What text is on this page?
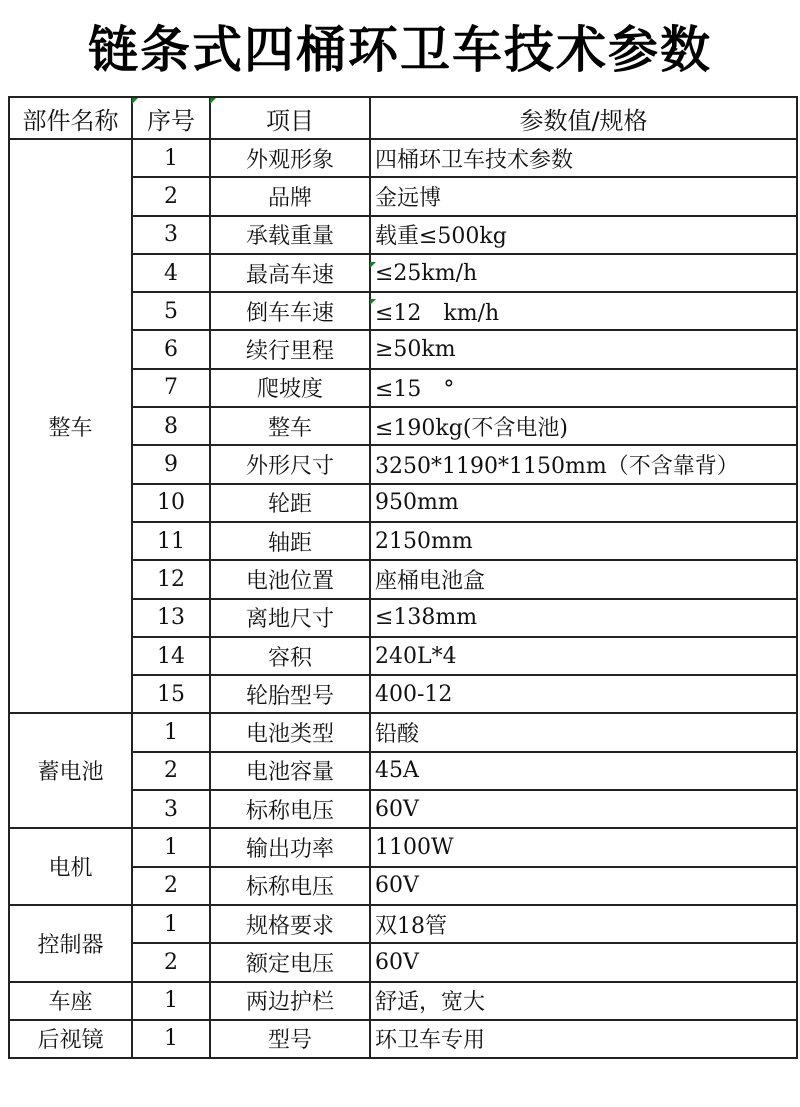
链条式四桶环卫车技术参数
部件名称	序号	项目	参数值/规格
整车	1	外观形象	四桶环卫车技术参数
	2	品牌	金远博
	3	承载重量	载重≤500kg
	4	最高车速	≤25km/h
	5	倒车车速	≤12　km/h
	6	续行里程	≥50km
	7	爬坡度	≤15　°
	8	整车	≤190kg(不含电池)
	9	外形尺寸	3250*1190*1150mm（不含靠背）
	10	轮距	950mm
	11	轴距	2150mm
	12	电池位置	座桶电池盒
	13	离地尺寸	≤138mm
	14	容积	240L*4
	15	轮胎型号	400-12
蓄电池	1	电池类型	铅酸
	2	电池容量	45A
	3	标称电压	60V
电机	1	输出功率	1100W
	2	标称电压	60V
控制器	1	规格要求	双18管
	2	额定电压	60V
车座	1	两边护栏	舒适，宽大
后视镜	1	型号	环卫车专用
